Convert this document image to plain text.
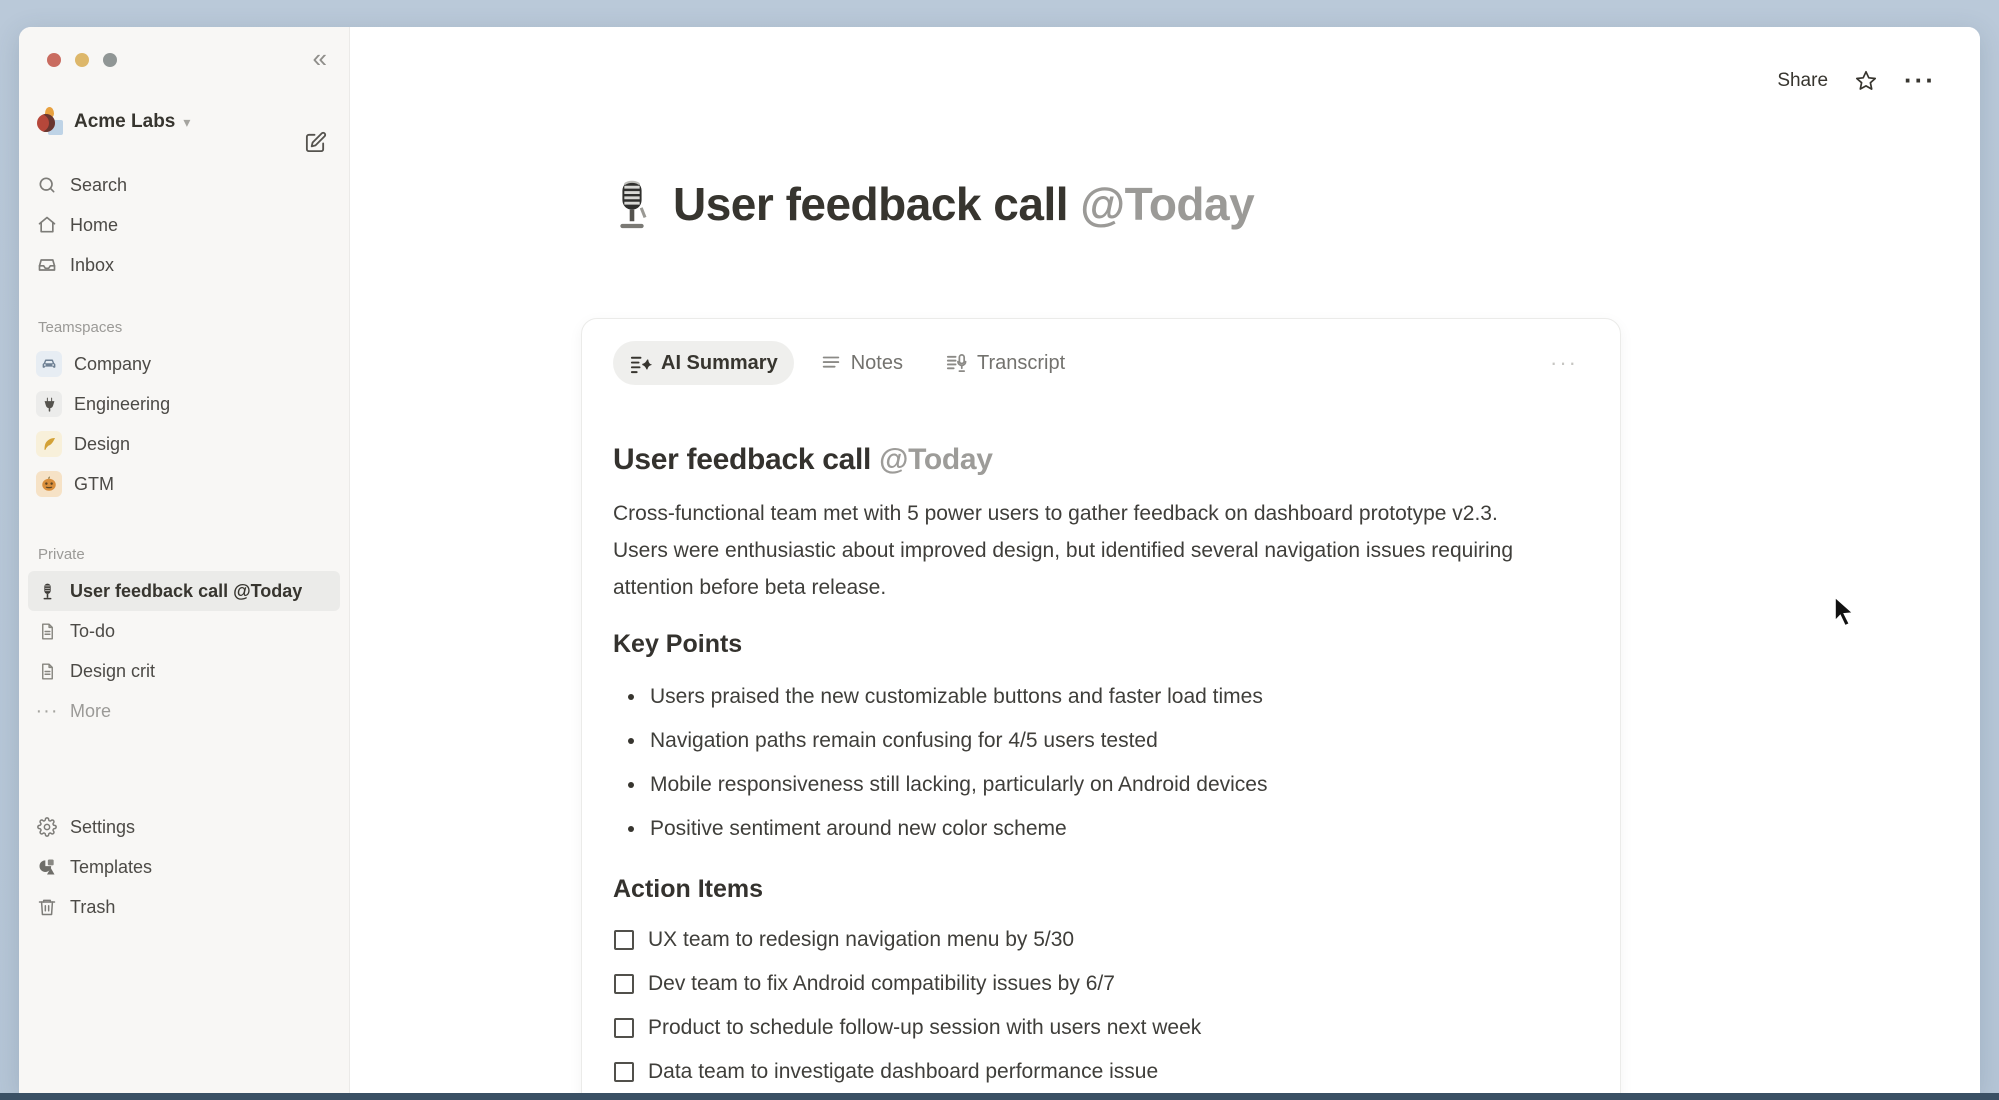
«
Acme Labs ▾
Search
Home
Inbox
Teamspaces
Company
Engineering
Design
GTM
Private
User feedback call @Today
To-do
Design crit
··· More
Settings
Templates
Trash
Share	···
User feedback call @Today
AI Summary	Notes	Transcript	···
User feedback call @Today

Cross-functional team met with 5 power users to gather feedback on dashboard prototype v2.3. Users were enthusiastic about improved design, but identified several navigation issues requiring attention before beta release.

Key Points
Users praised the new customizable buttons and faster load times
Navigation paths remain confusing for 4/5 users tested
Mobile responsiveness still lacking, particularly on Android devices
Positive sentiment around new color scheme
Action Items
UX team to redesign navigation menu by 5/30
Dev team to fix Android compatibility issues by 6/7
Product to schedule follow-up session with users next week
Data team to investigate dashboard performance issue
